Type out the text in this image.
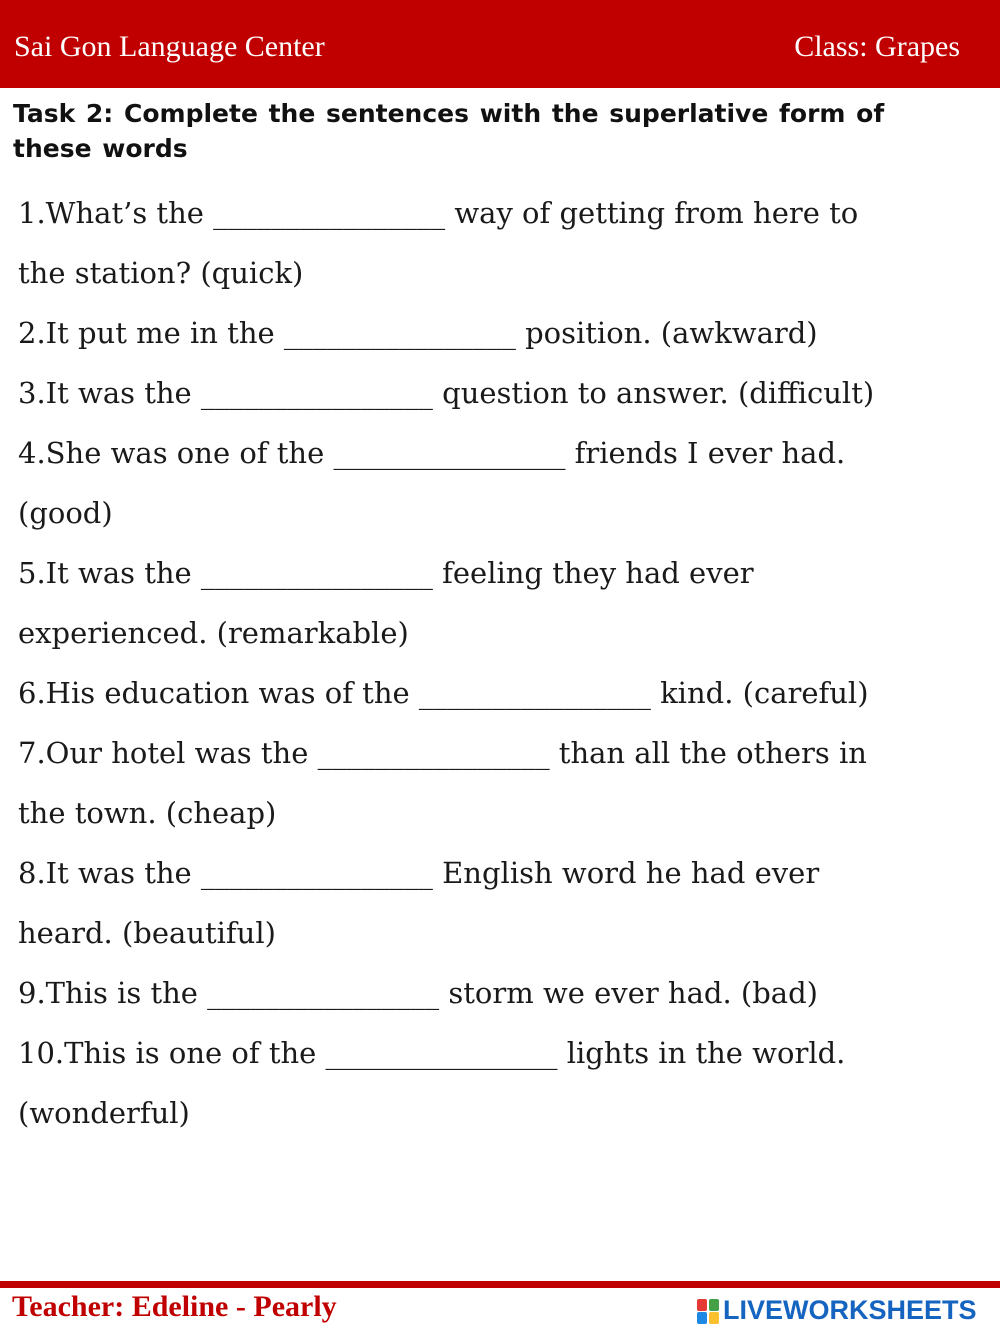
Sai Gon Language Center	Class: Grapes
Task 2: Complete the sentences with the superlative form of
these words
1.What’s the ________________ way of getting from here to
the station? (quick)
2.It put me in the ________________ position. (awkward)
3.It was the ________________ question to answer. (difficult)
4.She was one of the ________________ friends I ever had.
(good)
5.It was the ________________ feeling they had ever
experienced. (remarkable)
6.His education was of the ________________ kind. (careful)
7.Our hotel was the ________________ than all the others in
the town. (cheap)
8.It was the ________________ English word he had ever
heard. (beautiful)
9.This is the ________________ storm we ever had. (bad)
10.This is one of the ________________ lights in the world.
(wonderful)
Teacher: Edeline - Pearly	LIVEWORKSHEETS
